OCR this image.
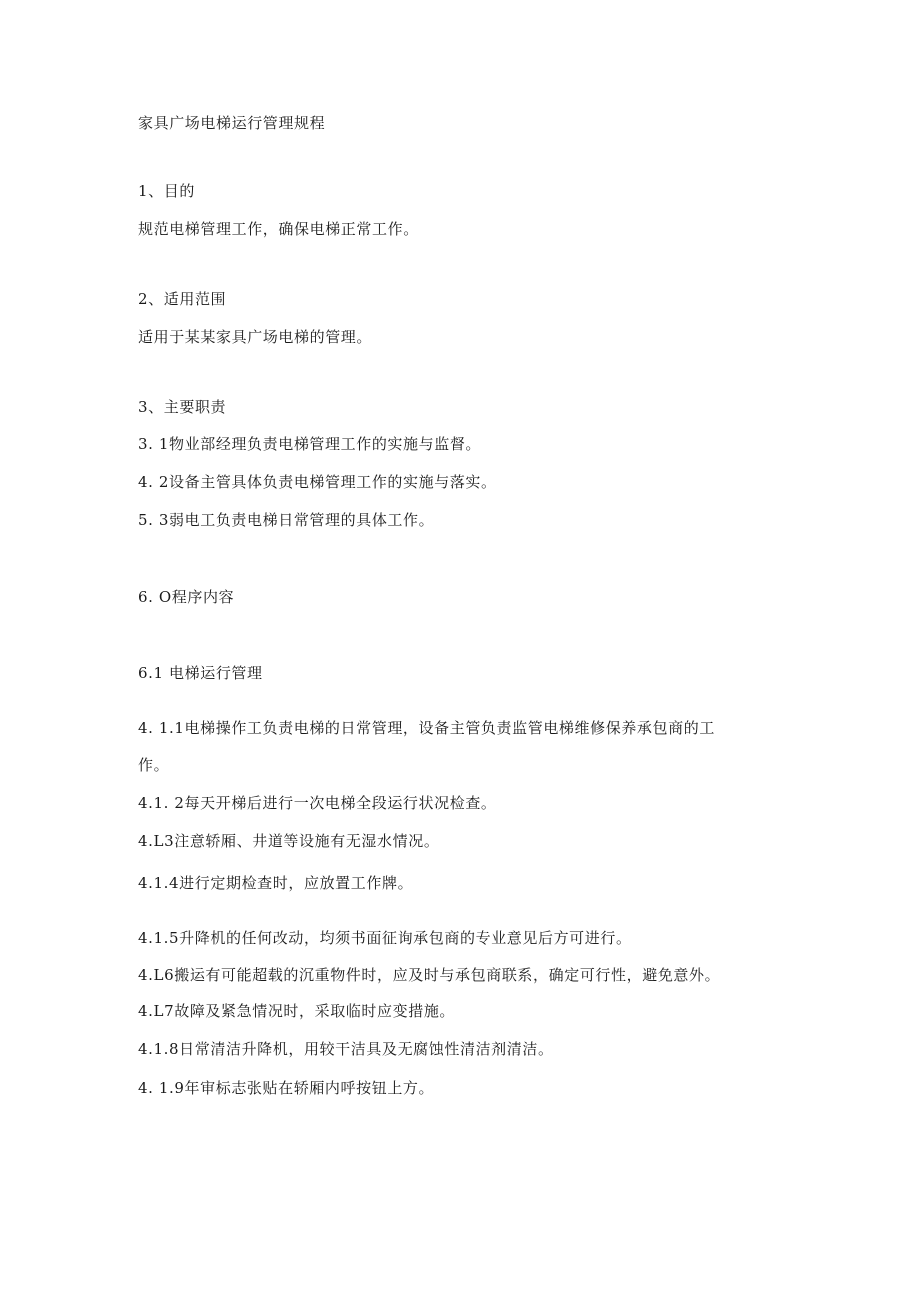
家具广场电梯运行管理规程
1、目的
规范电梯管理工作，确保电梯正常工作。
2、适用范围
适用于某某家具广场电梯的管理。
3、主要职责
3. 1物业部经理负责电梯管理工作的实施与监督。
4. 2设备主管具体负责电梯管理工作的实施与落实。
5. 3弱电工负责电梯日常管理的具体工作。
6. O程序内容
6.1 电梯运行管理
4. 1.1电梯操作工负责电梯的日常管理，设备主管负责监管电梯维修保养承包商的工
作。
4.1. 2每天开梯后进行一次电梯全段运行状况检查。
4.L3注意轿厢、井道等设施有无湿水情况。
4.1.4进行定期检查时，应放置工作牌。
4.1.5升降机的任何改动，均须书面征询承包商的专业意见后方可进行。
4.L6搬运有可能超载的沉重物件时，应及时与承包商联系，确定可行性，避免意外。
4.L7故障及紧急情况时，采取临时应变措施。
4.1.8日常清洁升降机，用较干洁具及无腐蚀性清洁剂清洁。
4. 1.9年审标志张贴在轿厢内呼按钮上方。
